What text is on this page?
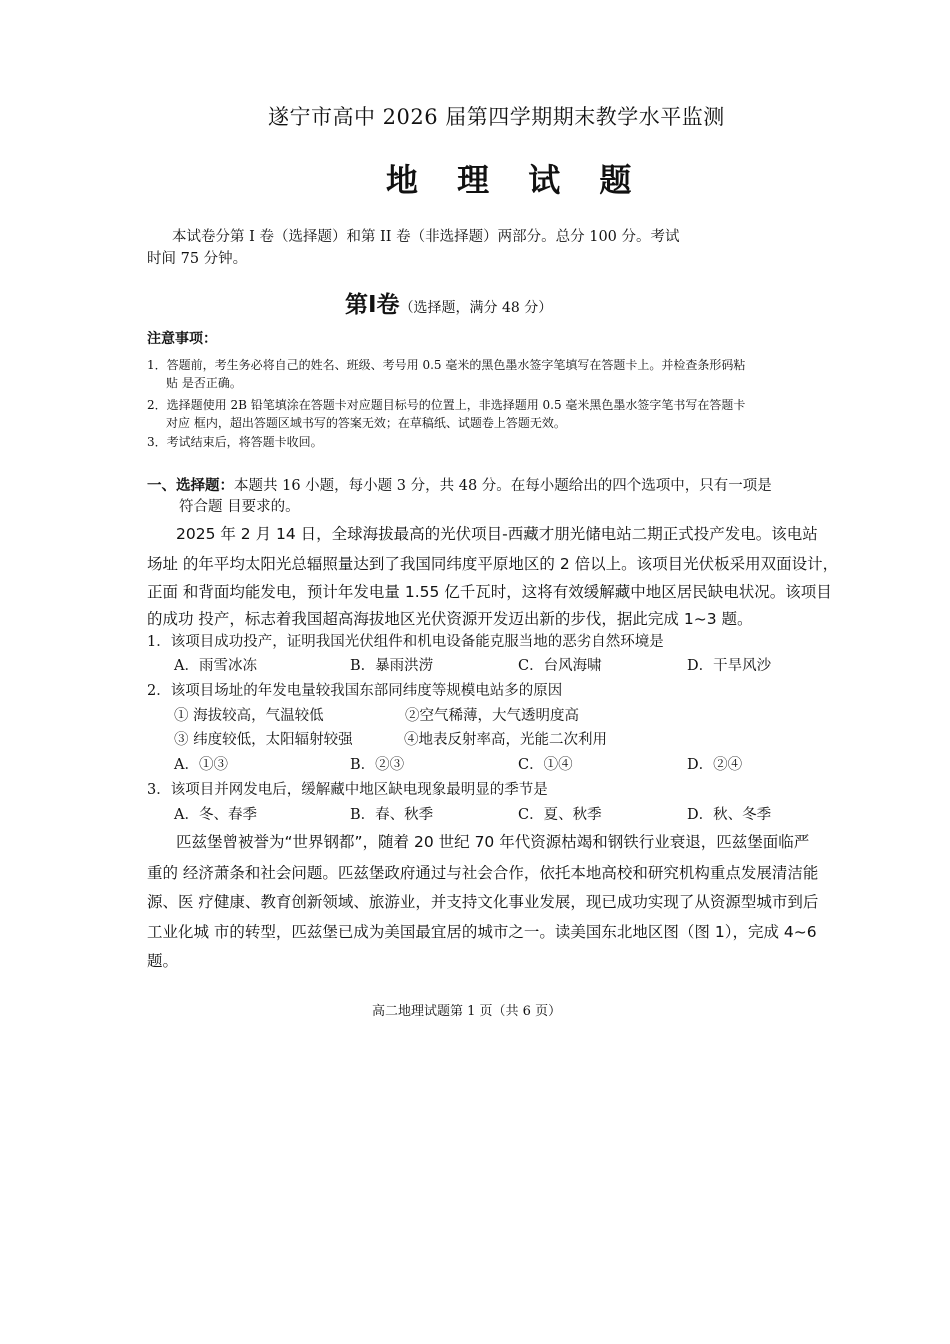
遂宁市高中 2026 届第四学期期末教学水平监测
地 理 试 题
本试卷分第 I 卷（选择题）和第 II 卷（非选择题）两部分。总分 100 分。考试
时间 75 分钟。
第Ⅰ卷（选择题，满分 48 分）
注意事项：
1．答题前，考生务必将自己的姓名、班级、考号用 0.5 毫米的黑色墨水签字笔填写在答题卡上。并检查条形码粘
贴 是否正确。
2．选择题使用 2B 铅笔填涂在答题卡对应题目标号的位置上，非选择题用 0.5 毫米黑色墨水签字笔书写在答题卡
对应 框内，超出答题区域书写的答案无效；在草稿纸、试题卷上答题无效。
3．考试结束后，将答题卡收回。
一、选择题：本题共 16 小题，每小题 3 分，共 48 分。在每小题给出的四个选项中，只有一项是
符合题 目要求的。
2025 年 2 月 14 日，全球海拔最高的光伏项目-西藏才朋光储电站二期正式投产发电。该电站
场址 的年平均太阳光总辐照量达到了我国同纬度平原地区的 2 倍以上。该项目光伏板采用双面设计，
正面 和背面均能发电，预计年发电量 1.55 亿千瓦时，这将有效缓解藏中地区居民缺电状况。该项目
的成功 投产，标志着我国超高海拔地区光伏资源开发迈出新的步伐，据此完成 1~3 题。
1．该项目成功投产，证明我国光伏组件和机电设备能克服当地的恶劣自然环境是
A．雨雪冰冻	B．暴雨洪涝	C．台风海啸	D．干旱风沙
2．该项目场址的年发电量较我国东部同纬度等规模电站多的原因
① 海拔较高，气温较低	②空气稀薄，大气透明度高
③ 纬度较低，太阳辐射较强	④地表反射率高，光能二次利用
A．①③	B．②③	C．①④	D．②④
3．该项目并网发电后，缓解藏中地区缺电现象最明显的季节是
A．冬、春季	B．春、秋季	C．夏、秋季	D．秋、冬季
匹兹堡曾被誉为“世界钢都”，随着 20 世纪 70 年代资源枯竭和钢铁行业衰退，匹兹堡面临严
重的 经济萧条和社会问题。匹兹堡政府通过与社会合作，依托本地高校和研究机构重点发展清洁能
源、医 疗健康、教育创新领域、旅游业，并支持文化事业发展，现已成功实现了从资源型城市到后
工业化城 市的转型，匹兹堡已成为美国最宜居的城市之一。读美国东北地区图（图 1），完成 4~6
题。
高二地理试题第 1 页（共 6 页）
